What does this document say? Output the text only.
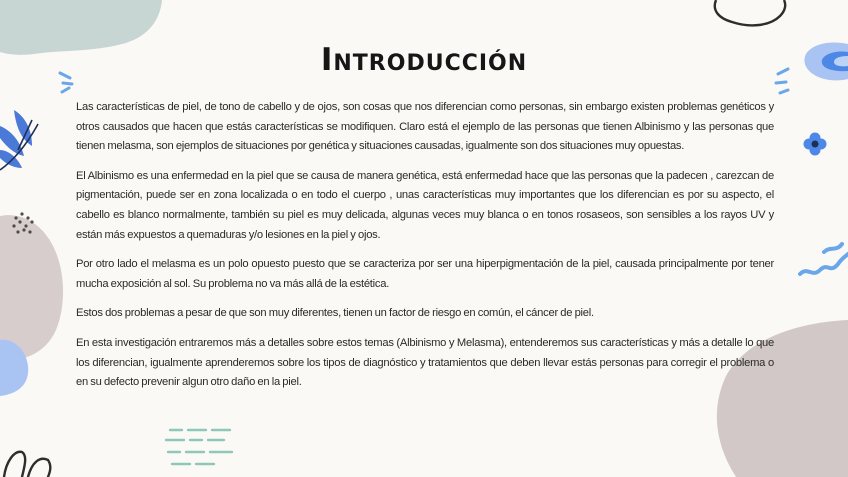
Introducción

Las características de piel, de tono de cabello y de ojos, son cosas que nos diferencian como personas, sin embargo existen problemas genéticos y otros causados que hacen que estás características se modifiquen. Claro está el ejemplo de las personas que tienen Albinismo y las personas que tienen melasma, son ejemplos de situaciones por genética y situaciones causadas, igualmente son dos situaciones muy opuestas.

El Albinismo es una enfermedad en la piel que se causa de manera genética, está enfermedad hace que las personas que la padecen , carezcan de pigmentación, puede ser en zona localizada o en todo el cuerpo , unas características muy importantes que los diferencian es por su aspecto, el cabello es blanco normalmente, también su piel es muy delicada, algunas veces muy blanca o en tonos rosaseos, son sensibles a los rayos UV y están más expuestos a quemaduras y/o lesiones en la piel y ojos.

Por otro lado el melasma es un polo opuesto puesto que se caracteriza por ser una hiperpigmentación de la piel, causada principalmente por tener mucha exposición al sol. Su problema no va más allá de la estética.

Estos dos problemas a pesar de que son muy diferentes, tienen un factor de riesgo en común, el cáncer de piel.

En esta investigación entraremos más a detalles sobre estos temas (Albinismo y Melasma), entenderemos sus características y más a detalle lo que los diferencian, igualmente aprenderemos sobre los tipos de diagnóstico y tratamientos que deben llevar estás personas para corregir el problema o en su defecto prevenir algun otro daño en la piel.
